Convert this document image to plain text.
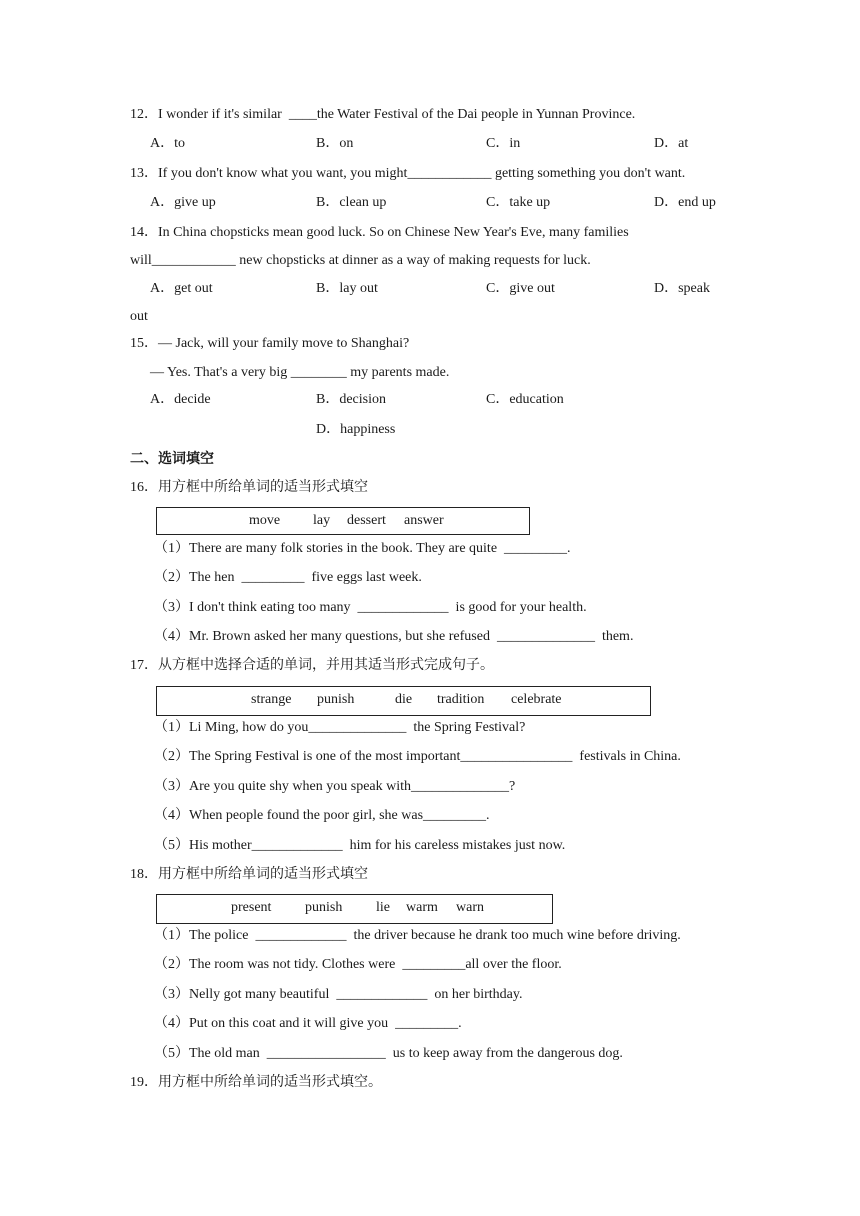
12．I wonder if it's similar  ____the Water Festival of the Dai people in Yunnan Province.
A．to	B．on	C．in	D．at
13．If you don't know what you want, you might____________ getting something you don't want.
A．give up	B．clean up	C．take up	D．end up
14．In China chopsticks mean good luck. So on Chinese New Year's Eve, many families
will____________ new chopsticks at dinner as a way of making requests for luck.
A．get out	B．lay out	C．give out	D．speak
out
15．— Jack, will your family move to Shanghai?
— Yes. That's a very big ________ my parents made.
A．decide	B．decision	C．education
D．happiness
二、选词填空
16．用方框中所给单词的适当形式填空
move lay dessert answer
（1）There are many folk stories in the book. They are quite  _________.
（2）The hen  _________  five eggs last week.
（3）I don't think eating too many  _____________  is good for your health.
（4）Mr. Brown asked her many questions, but she refused  ______________  them.
17．从方框中选择合适的单词，并用其适当形式完成句子。
strange punish	die tradition celebrate
（1）Li Ming, how do you______________  the Spring Festival?
（2）The Spring Festival is one of the most important________________  festivals in China.
（3）Are you quite shy when you speak with______________?
（4）When people found the poor girl, she was_________.
（5）His mother_____________  him for his careless mistakes just now.
18．用方框中所给单词的适当形式填空
present punish lie warm warn
（1）The police  _____________  the driver because he drank too much wine before driving.
（2）The room was not tidy. Clothes were  _________all over the floor.
（3）Nelly got many beautiful  _____________  on her birthday.
（4）Put on this coat and it will give you  _________.
（5）The old man  _________________  us to keep away from the dangerous dog.
19．用方框中所给单词的适当形式填空。
